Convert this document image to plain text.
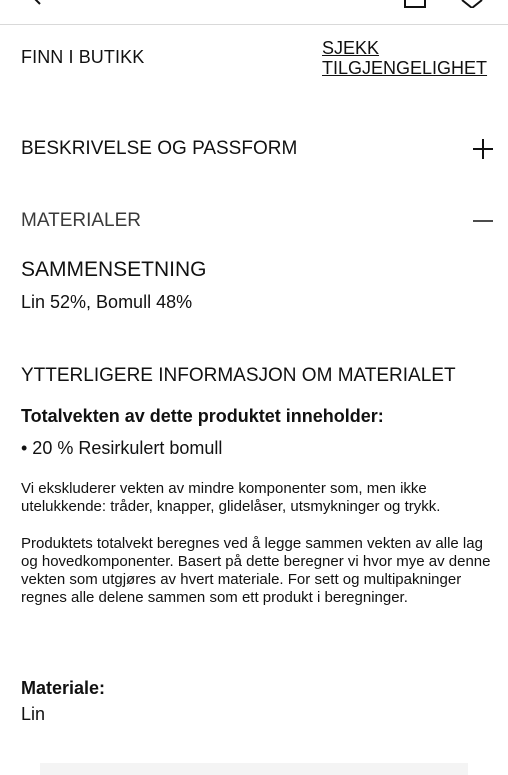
FINN I BUTIKK	SJEKK
TILGJENGELIGHET
BESKRIVELSE OG PASSFORM
MATERIALER
SAMMENSETNING
Lin 52%, Bomull 48%
YTTERLIGERE INFORMASJON OM MATERIALET
Totalvekten av dette produktet inneholder:
• 20 % Resirkulert bomull
Vi ekskluderer vekten av mindre komponenter som, men ikke utelukkende: tråder, knapper, glidelåser, utsmykninger og trykk.
Produktets totalvekt beregnes ved å legge sammen vekten av alle lag og hovedkomponenter. Basert på dette beregner vi hvor mye av denne vekten som utgjøres av hvert materiale. For sett og multipakninger regnes alle delene sammen som ett produkt i beregninger.
Materiale:
Lin
